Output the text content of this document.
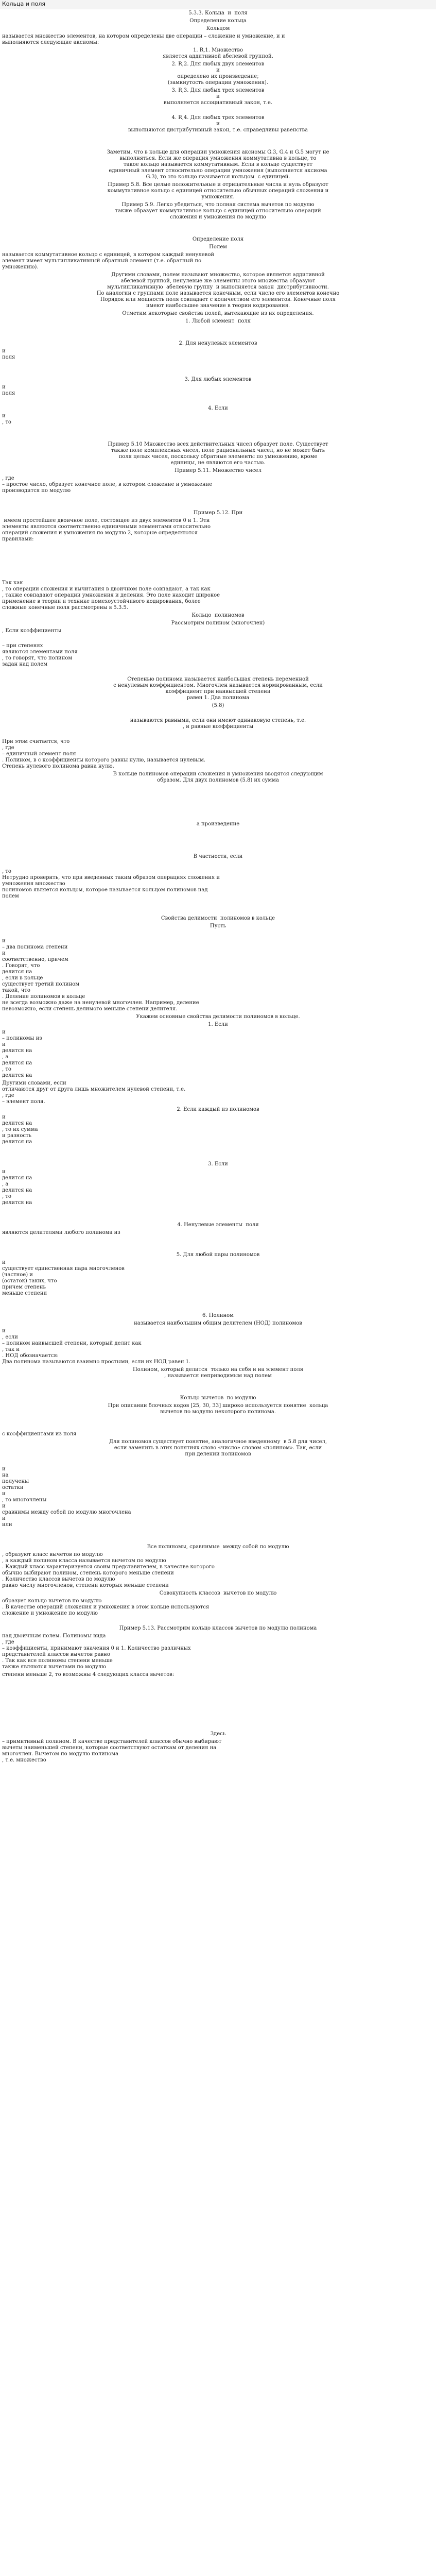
Кольца и поля
5.3.3. Кольца  и  поля
Определение кольца
Кольцом
называется множество элементов, на котором определены две операции – сложение и умножение, и и
выполняются следующие аксиомы:
1. R,1. Множество
является аддитивной абелевой группой.
2. R,2. Для любых двух элементов
и
определено их произведение;
(замкнутость операции умножения).
3. R,3. Для любых трех элементов
и
выполняется ассоциативный закон, т.е.
4. R,4. Для любых трех элементов
и
выполняются дистрибутивный закон, т.е. справедливы равенства
Заметим, что в кольце для операции умножения аксиомы G.3, G.4 и G.5 могут не
выполняться. Если же операция умножения коммутативна в кольце, то
такое кольцо называется коммутативным. Если в кольце существует
единичный элемент относительно операции умножения (выполняется аксиома
G.3), то это кольцо называется кольцом  с единицей.
Пример 5.8. Все целые положительные и отрицательные числа и нуль образуют
коммутативное кольцо с единицей относительно обычных операций сложения и
умножения.
Пример 5.9. Легко убедиться, что полная система вычетов по модулю
также образует коммутативное кольцо с единицей относительно операций
сложения и умножения по модулю
Определение поля
Полем
называется коммутативное кольцо с единицей, в котором каждый ненулевой
элемент имеет мультипликативный обратный элемент (т.е. обратный по
умножению).
Другими словами, полем называют множество, которое является аддитивной
абелевой группой, ненулевые же элементы этого множества образуют
мультипликативную  абелевую группу  и выполняется закон  дистрибутивности.
По аналогии с группами поле называется конечным, если число его элементов конечно
Порядок или мощность поля совпадает с количеством его элементов. Конечные поля
имеют наибольшее значение в теории кодирования.
Отметим некоторые свойства полей, вытекающие из их определения.
1. Любой элемент  поля
2. Для ненулевых элементов
и
поля
3. Для любых элементов
и
поля
4. Если
и
, то
Пример 5.10 Множество всех действительных чисел образует поле. Существует
также поле комплексных чисел, поле рациональных чисел, но не может быть
поля целых чисел, поскольку обратные элементы по умножению, кроме
единицы, не являются его частью.
Пример 5.11. Множество чисел
, где
– простое число, образует конечное поле, в котором сложение и умножение
производится по модулю
Пример 5.12. При
имеем простейшее двоичное поле, состоящее из двух элементов 0 и 1. Эти
элементы являются соответственно единичными элементами относительно
операций сложения и умножения по модулю 2, которые определяются
правилами:
Так как
, то операции сложения и вычитания в двоичном поле совпадают, а так как
, также совпадают операции умножения и деления. Это поле находит широкое
применение в теории и технике помехоустойчивого кодирования, более
сложные конечные поля рассмотрены в 5.3.5.
Кольцо  полиномов
Рассмотрим полином (многочлен)
, Если коэффициенты
– при степенях
являются элементами поля
, то говорят, что полином
задан над полем
Степенью полинома называется наибольшая степень переменной
с ненулевым коэффициентом. Многочлен называется нормированным, если
коэффициент при наивысшей степени
равен 1. Два полинома
(5.8)
называются равными, если они имеют одинаковую степень, т.е.
, и равные коэффициенты
При этом считается, что
, где
– единичный элемент поля
. Полином, в с коэффициенты которого равны нулю, называется нулевым.
Степень нулевого полинома равна нулю.
В кольце полиномов операции сложения и умножения вводятся следующим
образом. Для двух полиномов (5.8) их сумма
а произведение
В частности, если
, то
Нетрудно проверить, что при введенных таким образом операциях сложения и
умножения множество
полиномов является кольцом, которое называется кольцом полиномов над
полем
Свойства делимости  полиномов в кольце
Пусть
и
– два полинома степени
и
соответственно, причем
. Говорят, что
делится на
, если в кольце
существует третий полином
такой, что
. Деление полиномов в кольце
не всегда возможно даже на ненулевой многочлен. Например, деление
невозможно, если степень делимого меньше степени делителя.
Укажем основные свойства делимости полиномов в кольце.
1. Если
и
– полиномы из
и
делится на
, а
делится на
, то
делится на
Другими словами, если
отличаются друг от друга лишь множителем нулевой степени, т.е.
, где
– элемент поля.
2. Если каждый из полиномов
и
делится на
, то их сумма
и разность
делится на
3. Если
и
делится на
, а
делится на
, то
делится на
4. Ненулевые элементы  поля
являются делителями любого полинома из
5. Для любой пары полиномов
и
существует единственная пара многочленов
(частное) и
(остаток) таких, что
причем степень
меньше степени
6. Полином
называется наибольшим общим делителем (НОД) полиномов
и
, если
– полином наивысшей степени, который делит как
, так и
. НОД обозначается:
Два полинома называются взаимно простыми, если их НОД равен 1.
Полином, который делится  только на себя и на элемент поля
, называется неприводимым над полем
Кольцо вычетов  по модулю
При описании блочных кодов [25, 30, 33] широко используется понятие  кольца
вычетов по модулю некоторого полинома.
с коэффициентами из поля
Для полиномов существует понятие, аналогичное введенному  в 5.8 для чисел,
если заменить в этих понятиях слово «число» словом «полином». Так, если
при делении полиномов
и
на
получены
остатки
и
, то многочлены
и
сравнимы между собой по модулю многочлена
и
или
Все полиномы, сравнимые  между собой по модулю
, образуют класс вычетов по модулю
, а каждый полином класса называется вычетом по модулю
. Каждый класс характеризуется своим представителем, в качестве которого
обычно выбирают полином, степень которого меньше степени
. Количество классов вычетов по модулю
равно числу многочленов, степени которых меньше степени
Совокупность классов  вычетов по модулю
образует кольцо вычетов по модулю
. В качестве операций сложения и умножения в этом кольце используются
сложение и умножение по модулю
Пример 5.13. Рассмотрим кольцо классов вычетов по модулю полинома
над двоичным полем. Полиномы вида
, где
– коэффициенты, принимают значения 0 и 1. Количество различных
представителей классов вычетов равно
. Так как все полиномы степени меньше
также являются вычетами по модулю
степени меньше 2, то возможны 4 следующих класса вычетов:
Здесь
– примитивный полином. В качестве представителей классов обычно выбирают
вычеты наименьшей степени, которые соответствуют остаткам от деления на
многочлен. Вычетом по модулю полинома
, т.е. множество
